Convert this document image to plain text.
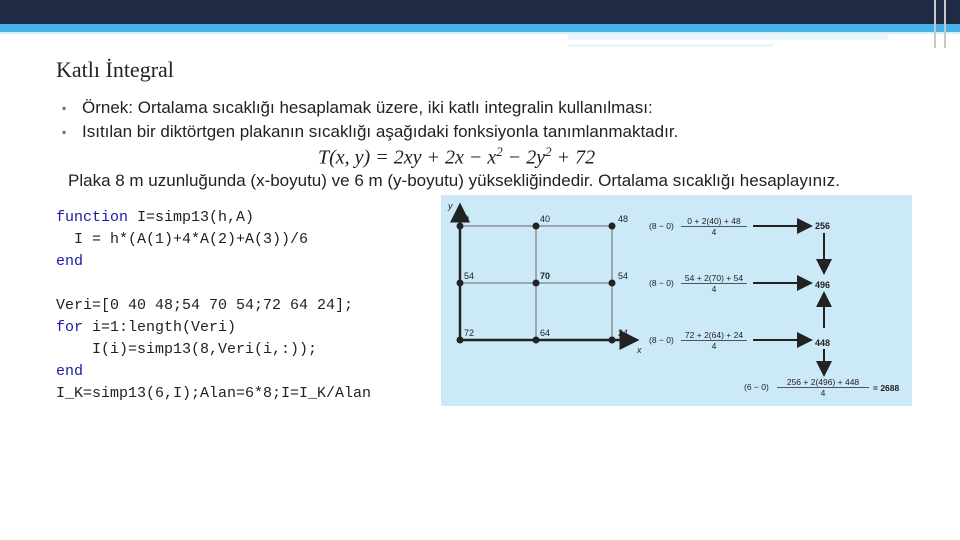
Katlı İntegral
▪ Örnek: Ortalama sıcaklığı hesaplamak üzere, iki katlı integralin kullanılması:
▪ Isıtılan bir diktörtgen plakanın sıcaklığı aşağıdaki fonksiyonla tanımlanmaktadır.
T(x, $y) = 2xy + 2x - x^2 - 2y^2 + 72$
Plaka 8 m uzunluğunda (x-boyutu) ve 6 m (y-boyutu) yüksekliğindedir. Ortalama sıcaklığı hesaplayınız.
function I=simp13(h,A)
I = h*(A(1)+4*A(2)+A(3))/6
end

Veri=[0 40 48;54 70 54;72 64 24];
for i=1:length(Veri)
I(i)=simp13(8,Veri(i,:));
end
I_K=simp13(6,I);Alan=6*8;I=I_K/Alan
y
x
0	40	48
54	70	54
72	64	24
(8 − 0) 0 + 2(40) + 48
4
(8 − 0) 54 + 2(70) + 54
4
(8 − 0) 72 + 2(64) + 24
4
256
496
448
(6 − 0) 256 + 2(496) + 448
4	= 2688
